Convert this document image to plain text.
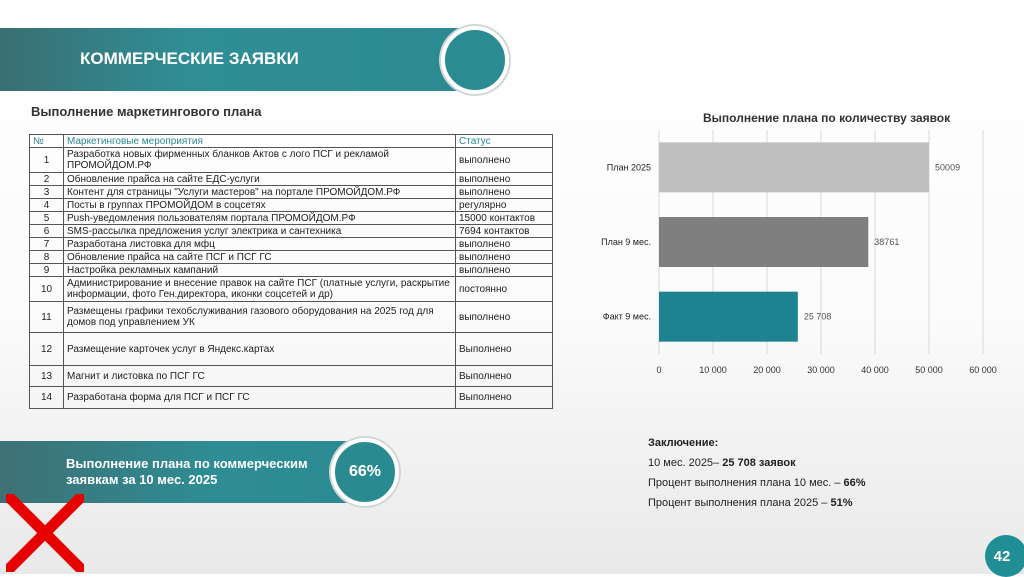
КОММЕРЧЕСКИЕ ЗАЯВКИ
Выполнение маркетингового плана
№	Маркетинговые мероприятия	Статус
1	Разработка новых фирменных бланков Актов с лого ПСГ и рекламой ПРОМОЙДОМ.РФ	выполнено
2	Обновление прайса на сайте ЕДС-услуги	выполнено
3	Контент для страницы "Услуги мастеров" на портале ПРОМОЙДОМ.РФ	выполнено
4	Посты в группах ПРОМОЙДОМ в соцсетях	регулярно
5	Push-уведомления пользователям портала ПРОМОЙДОМ.РФ	15000 контактов
6	SMS-рассылка предложения услуг электрика и сантехника	7694 контактов
7	Разработана листовка для мфц	выполнено
8	Обновление прайса на сайте ПСГ и ПСГ ГС	выполнено
9	Настройка рекламных кампаний	выполнено
10	Администрирование и внесение правок на сайте ПСГ (платные услуги, раскрытие информации, фото Ген.директора, иконки соцсетей и др)	постоянно
11	Размещены графики техобслуживания газового оборудования на 2025 год для домов под управлением УК	выполнено
12	Размещение карточек услуг в Яндекс.картах	Выполнено
13	Магнит и листовка по ПСГ ГС	Выполнено
14	Разработана форма для ПСГ и ПСГ ГС	Выполнено
Выполнение плана по коммерческим заявкам за 10 мес. 2025	66%
Выполнение плана по количеству заявок
0	10 000	20 000	30 000	40 000	50 000	60 000
План 2025	50009
План 9 мес.	38761
Факт 9 мес.	25 708
Заключение:
10 мес. 2025– 25 708 заявок
Процент выполнения плана 10 мес. – 66%
Процент выполнения плана 2025 – 51%
42
